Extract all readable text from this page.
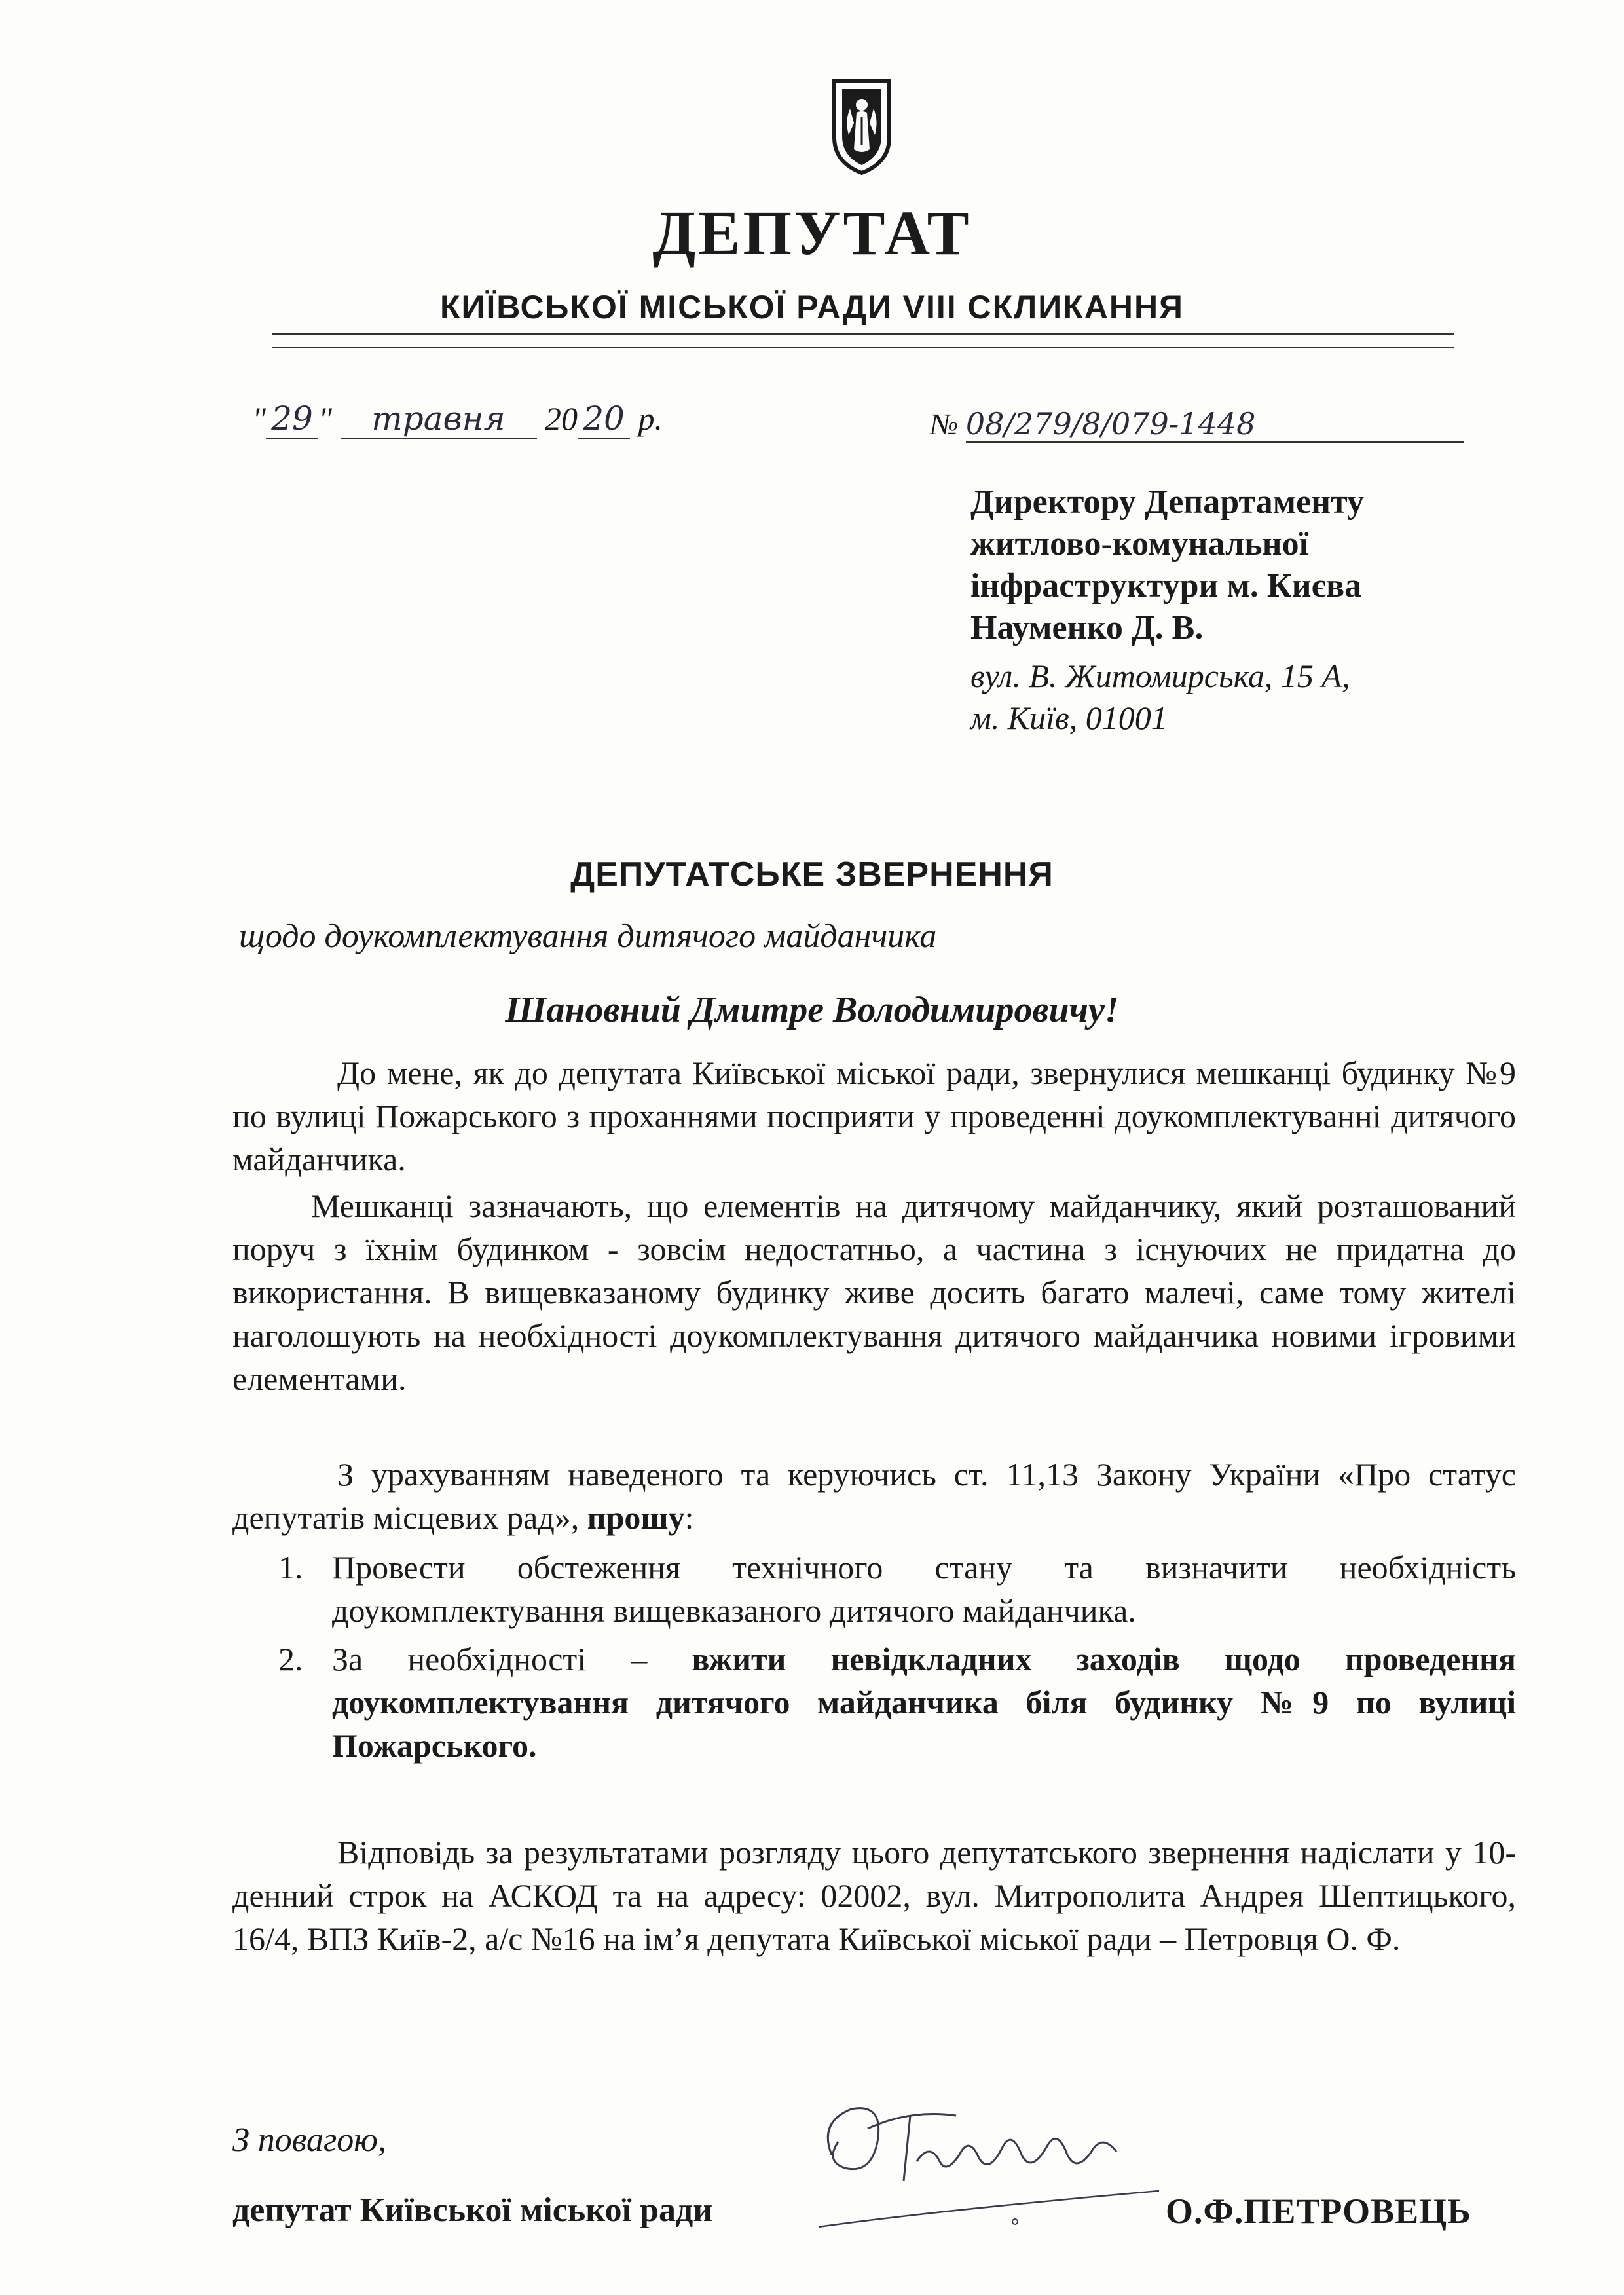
ДЕПУТАТ
КИЇВСЬКОЇ МІСЬКОЇ РАДИ VIII СКЛИКАННЯ
" 29 " травня 20 20 р.	№ 08/279/8/079-1448
Директору Департаменту
житлово-комунальної
інфраструктури м. Києва
Науменко Д. В.
вул. В. Житомирська, 15 А,
м. Київ, 01001
ДЕПУТАТСЬКЕ ЗВЕРНЕННЯ
щодо доукомплектування дитячого майданчика
Шановний Дмитре Володимировичу!
До мене, як до депутата Київської міської ради, звернулися мешканці будинку №9 по вулиці Пожарського з проханнями посприяти у проведенні доукомплектуванні дитячого майданчика.
Мешканці зазначають, що елементів на дитячому майданчику, який розташований поруч з їхнім будинком - зовсім недостатньо, а частина з існуючих не придатна до використання. В вищевказаному будинку живе досить багато малечі, саме тому жителі наголошують на необхідності доукомплектування дитячого майданчика новими ігровими елементами.
З урахуванням наведеного та керуючись ст. 11,13 Закону України «Про статус депутатів місцевих рад», прошу:
1. Провести обстеження технічного стану та визначити необхідність доукомплектування вищевказаного дитячого майданчика.
2. За необхідності – вжити невідкладних заходів щодо проведення доукомплектування дитячого майданчика біля будинку №9 по вулиці Пожарського.
Відповідь за результатами розгляду цього депутатського звернення надіслати у 10-денний строк на АСКОД та на адресу: 02002, вул. Митрополита Андрея Шептицького, 16/4, ВПЗ Київ-2, а/с №16 на ім’я депутата Київської міської ради – Петровця О. Ф.
З повагою,
депутат Київської міської ради	О.Ф.ПЕТРОВЕЦЬ
